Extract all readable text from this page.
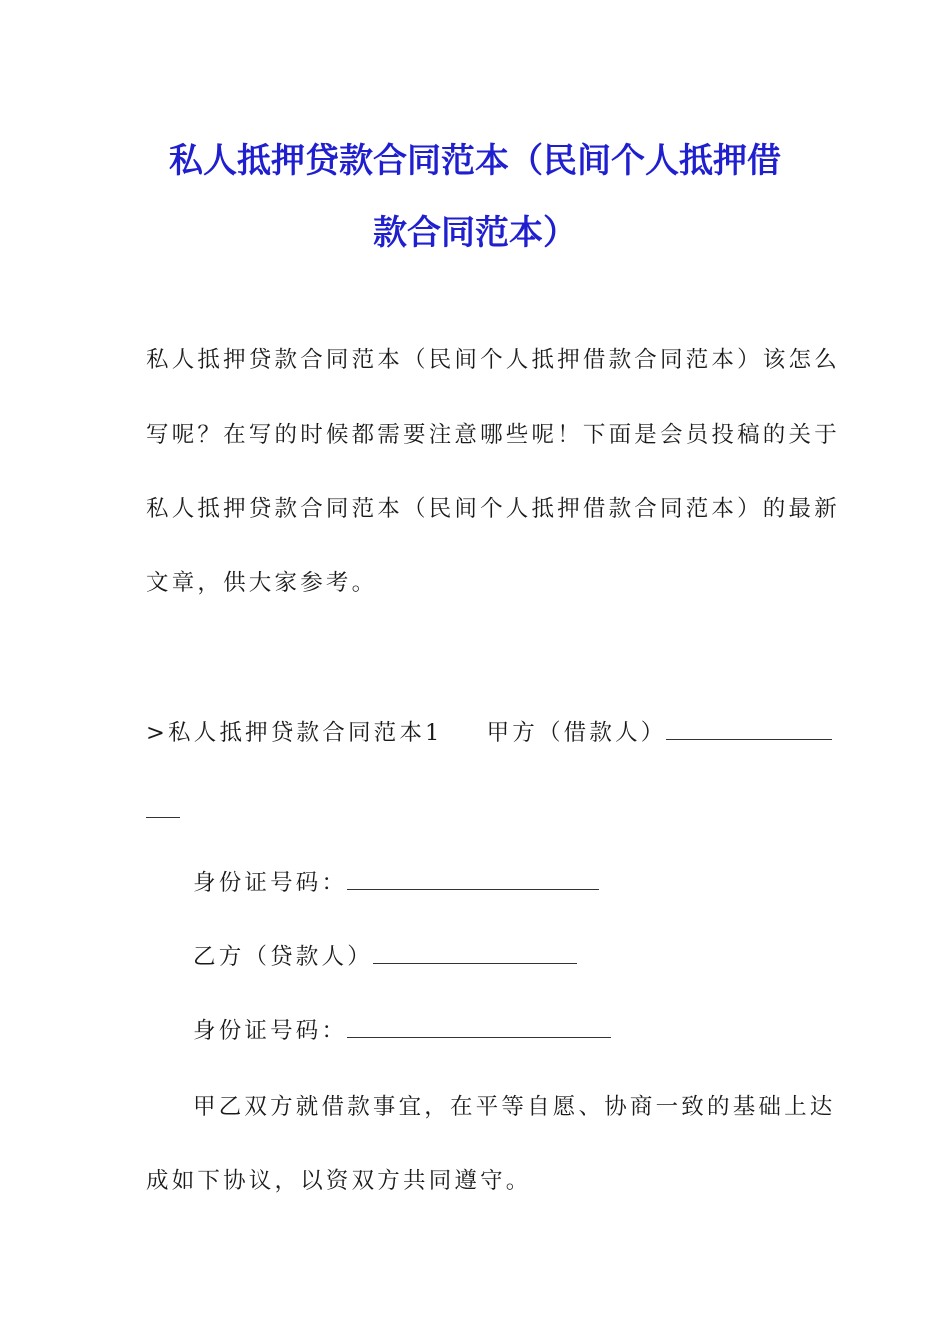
私人抵押贷款合同范本（民间个人抵押借
款合同范本）
私人抵押贷款合同范本（民间个人抵押借款合同范本）该怎么
写呢？在写的时候都需要注意哪些呢！下面是会员投稿的关于
私人抵押贷款合同范本（民间个人抵押借款合同范本）的最新
文章，供大家参考。
>私人抵押贷款合同范本1 甲方（借款人）
身份证号码：
乙方（贷款人）
身份证号码：
甲乙双方就借款事宜，在平等自愿、协商一致的基础上达
成如下协议，以资双方共同遵守。
